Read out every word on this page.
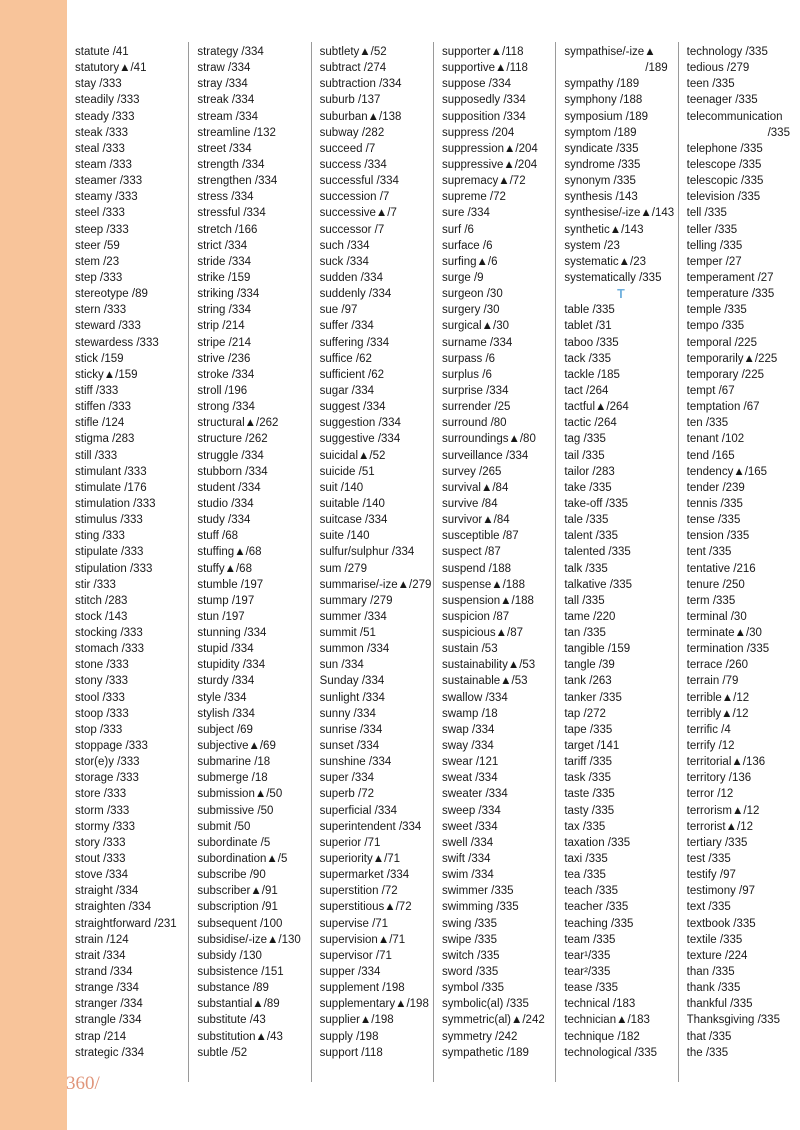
statute /41
statutory▲/41
stay /333
steadily /333
steady /333
steak /333
steal /333
steam /333
steamer /333
steamy /333
steel /333
steep /333
steer /59
stem /23
step /333
stereotype /89
stern /333
steward /333
stewardess /333
stick /159
sticky▲/159
stiff /333
stiffen /333
stifle /124
stigma /283
still /333
stimulant /333
stimulate /176
stimulation /333
stimulus /333
sting /333
stipulate /333
stipulation /333
stir /333
stitch /283
stock /143
stocking /333
stomach /333
stone /333
stony /333
stool /333
stoop /333
stop /333
stoppage /333
stor(e)y /333
storage /333
store /333
storm /333
stormy /333
story /333
stout /333
stove /334
straight /334
straighten /334
straightforward /231
strain /124
strait /334
strand /334
strange /334
stranger /334
strangle /334
strap /214
strategic /334
strategy /334
straw /334
stray /334
streak /334
stream /334
streamline /132
street /334
strength /334
strengthen /334
stress /334
stressful /334
stretch /166
strict /334
stride /334
strike /159
striking /334
string /334
strip /214
stripe /214
strive /236
stroke /334
stroll /196
strong /334
structural▲/262
structure /262
struggle /334
stubborn /334
student /334
studio /334
study /334
stuff /68
stuffing▲/68
stuffy▲/68
stumble /197
stump /197
stun /197
stunning /334
stupid /334
stupidity /334
sturdy /334
style /334
stylish /334
subject /69
subjective▲/69
submarine /18
submerge /18
submission▲/50
submissive /50
submit /50
subordinate /5
subordination▲/5
subscribe /90
subscriber▲/91
subscription /91
subsequent /100
subsidise/-ize▲/130
subsidy /130
subsistence /151
substance /89
substantial▲/89
substitute /43
substitution▲/43
subtle /52
subtlety▲/52
subtract /274
subtraction /334
suburb /137
suburban▲/138
subway /282
succeed /7
success /334
successful /334
succession /7
successive▲/7
successor /7
such /334
suck /334
sudden /334
suddenly /334
sue /97
suffer /334
suffering /334
suffice /62
sufficient /62
sugar /334
suggest /334
suggestion /334
suggestive /334
suicidal▲/52
suicide /51
suit /140
suitable /140
suitcase /334
suite /140
sulfur/sulphur /334
sum /279
summarise/-ize▲/279
summary /279
summer /334
summit /51
summon /334
sun /334
Sunday /334
sunlight /334
sunny /334
sunrise /334
sunset /334
sunshine /334
super /334
superb /72
superficial /334
superintendent /334
superior /71
superiority▲/71
supermarket /334
superstition /72
superstitious▲/72
supervise /71
supervision▲/71
supervisor /71
supper /334
supplement /198
supplementary▲/198
supplier▲/198
supply /198
support /118
supporter▲/118
supportive▲/118
suppose /334
supposedly /334
supposition /334
suppress /204
suppression▲/204
suppressive▲/204
supremacy▲/72
supreme /72
sure /334
surf /6
surface /6
surfing▲/6
surge /9
surgeon /30
surgery /30
surgical▲/30
surname /334
surpass /6
surplus /6
surprise /334
surrender /25
surround /80
surroundings▲/80
surveillance /334
survey /265
survival▲/84
survive /84
survivor▲/84
susceptible /87
suspect /87
suspend /188
suspense▲/188
suspension▲/188
suspicion /87
suspicious▲/87
sustain /53
sustainability▲/53
sustainable▲/53
swallow /334
swamp /18
swap /334
sway /334
swear /121
sweat /334
sweater /334
sweep /334
sweet /334
swell /334
swift /334
swim /334
swimmer /335
swimming /335
swing /335
swipe /335
switch /335
sword /335
symbol /335
symbolic(al) /335
symmetric(al)▲/242
symmetry /242
sympathetic /189
sympathise/-ize▲
/189
sympathy /189
symphony /188
symposium /189
symptom /189
syndicate /335
syndrome /335
synonym /335
synthesis /143
synthesise/-ize▲/143
synthetic▲/143
system /23
systematic▲/23
systematically /335
T
table /335
tablet /31
taboo /335
tack /335
tackle /185
tact /264
tactful▲/264
tactic /264
tag /335
tail /335
tailor /283
take /335
take-off /335
tale /335
talent /335
talented /335
talk /335
talkative /335
tall /335
tame /220
tan /335
tangible /159
tangle /39
tank /263
tanker /335
tap /272
tape /335
target /141
tariff /335
task /335
taste /335
tasty /335
tax /335
taxation /335
taxi /335
tea /335
teach /335
teacher /335
teaching /335
team /335
tear¹/335
tear²/335
tease /335
technical /183
technician▲/183
technique /182
technological /335
technology /335
tedious /279
teen /335
teenager /335
telecommunication
/335
telephone /335
telescope /335
telescopic /335
television /335
tell /335
teller /335
telling /335
temper /27
temperament /27
temperature /335
temple /335
tempo /335
temporal /225
temporarily▲/225
temporary /225
tempt /67
temptation /67
ten /335
tenant /102
tend /165
tendency▲/165
tender /239
tennis /335
tense /335
tension /335
tent /335
tentative /216
tenure /250
term /335
terminal /30
terminate▲/30
termination /335
terrace /260
terrain /79
terrible▲/12
terribly▲/12
terrific /4
terrify /12
territorial▲/136
territory /136
terror /12
terrorism▲/12
terrorist▲/12
tertiary /335
test /335
testify /97
testimony /97
text /335
textbook /335
textile /335
texture /224
than /335
thank /335
thankful /335
Thanksgiving /335
that /335
the /335
360/
